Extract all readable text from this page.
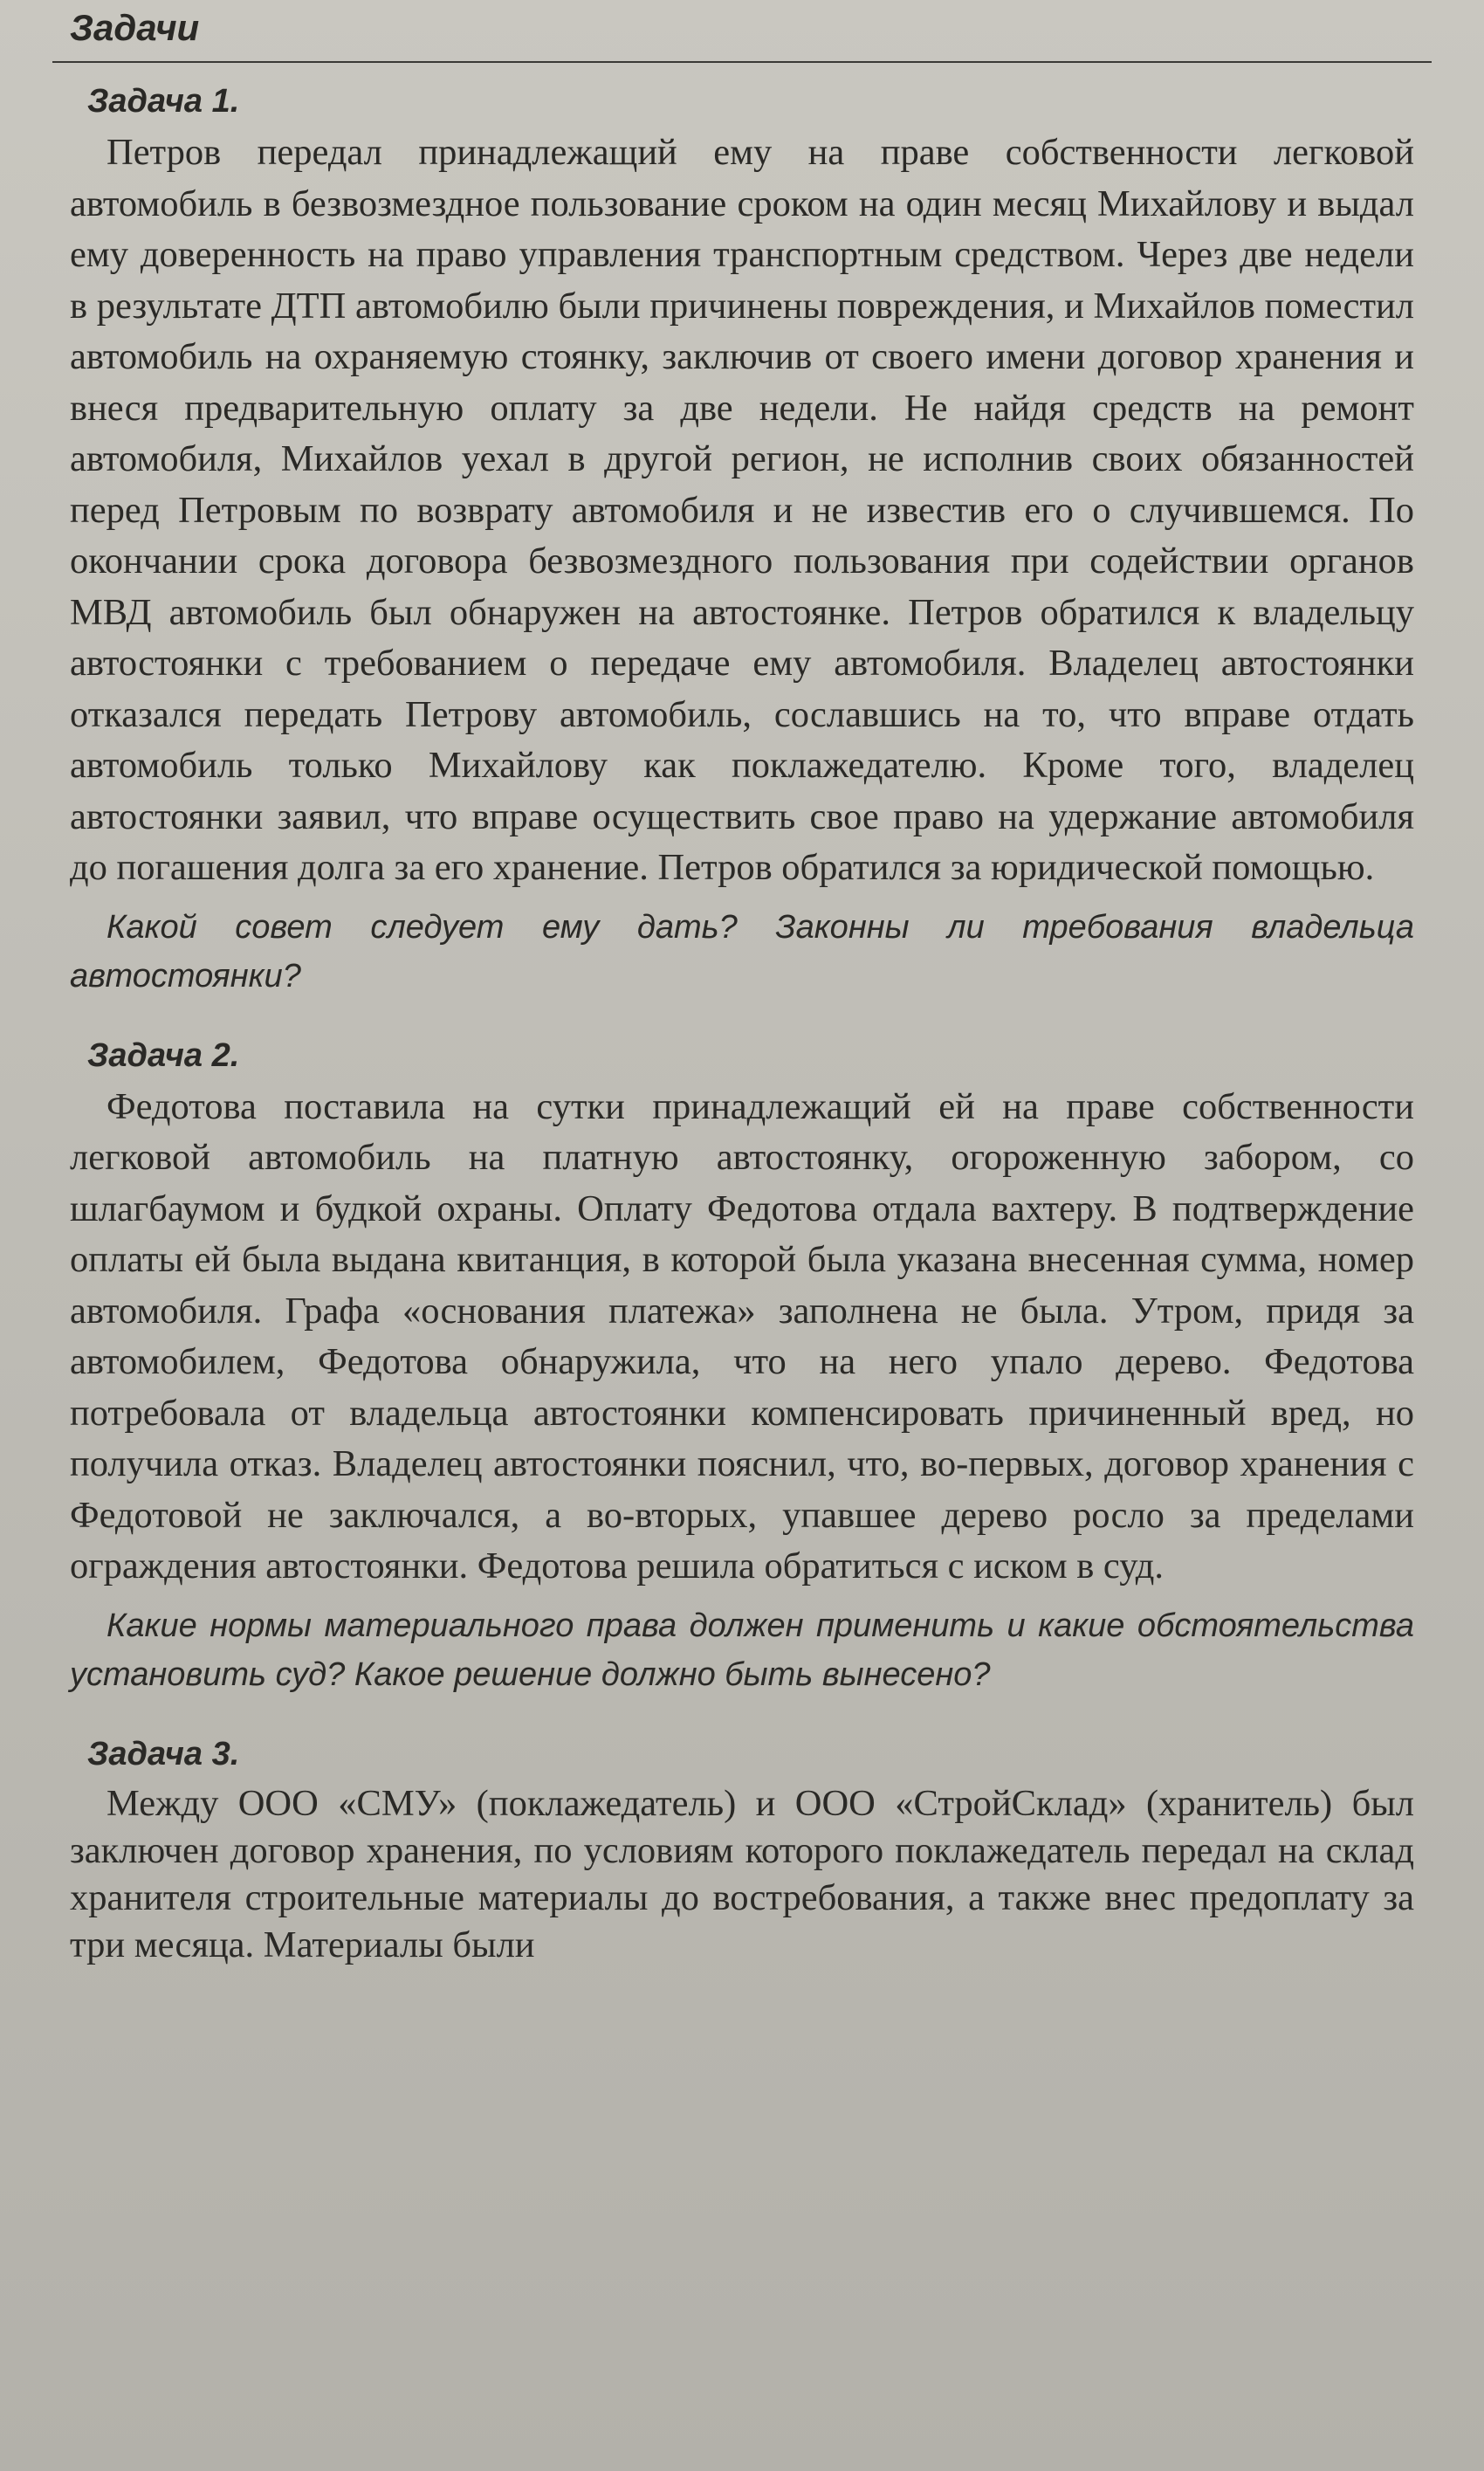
Задачи
Задача 1.

Петров передал принадлежащий ему на праве собственности легковой автомобиль в безвозмездное пользование сроком на один месяц Михайлову и выдал ему доверенность на право управления транспортным средством. Через две недели в результате ДТП автомобилю были причинены повреждения, и Михайлов поместил автомобиль на охраняемую стоянку, заключив от своего имени договор хранения и внеся предварительную оплату за две недели. Не найдя средств на ремонт автомобиля, Михайлов уехал в другой регион, не исполнив своих обязанностей перед Петровым по возврату автомобиля и не известив его о случившемся. По окончании срока договора безвозмездного пользования при содействии органов МВД автомобиль был обнаружен на автостоянке. Петров обратился к владельцу автостоянки с требованием о передаче ему автомобиля. Владелец автостоянки отказался передать Петрову автомобиль, сославшись на то, что вправе отдать автомобиль только Михайлову как поклажедателю. Кроме того, владелец автостоянки заявил, что вправе осуществить свое право на удержание автомобиля до погашения долга за его хранение. Петров обратился за юридической помощью.

Какой совет следует ему дать? Законны ли требования владельца автостоянки?

Задача 2.

Федотова поставила на сутки принадлежащий ей на праве собственности легковой автомобиль на платную автостоянку, огороженную забором, со шлагбаумом и будкой охраны. Оплату Федотова отдала вахтеру. В подтверждение оплаты ей была выдана квитанция, в которой была указана внесенная сумма, номер автомобиля. Графа «основания платежа» заполнена не была. Утром, придя за автомобилем, Федотова обнаружила, что на него упало дерево. Федотова потребовала от владельца автостоянки компенсировать причиненный вред, но получила отказ. Владелец автостоянки пояснил, что, во-первых, договор хранения с Федотовой не заключался, а во-вторых, упавшее дерево росло за пределами ограждения автостоянки. Федотова решила обратиться с иском в суд.

Какие нормы материального права должен применить и какие обстоятельства установить суд? Какое решение должно быть вынесено?

Задача 3.

Между ООО «СМУ» (поклажедатель) и ООО «СтройСклад» (хранитель) был заключен договор хранения, по условиям которого поклажедатель передал на склад хранителя строительные материалы до востребования, а также внес предоплату за три месяца. Материалы были
